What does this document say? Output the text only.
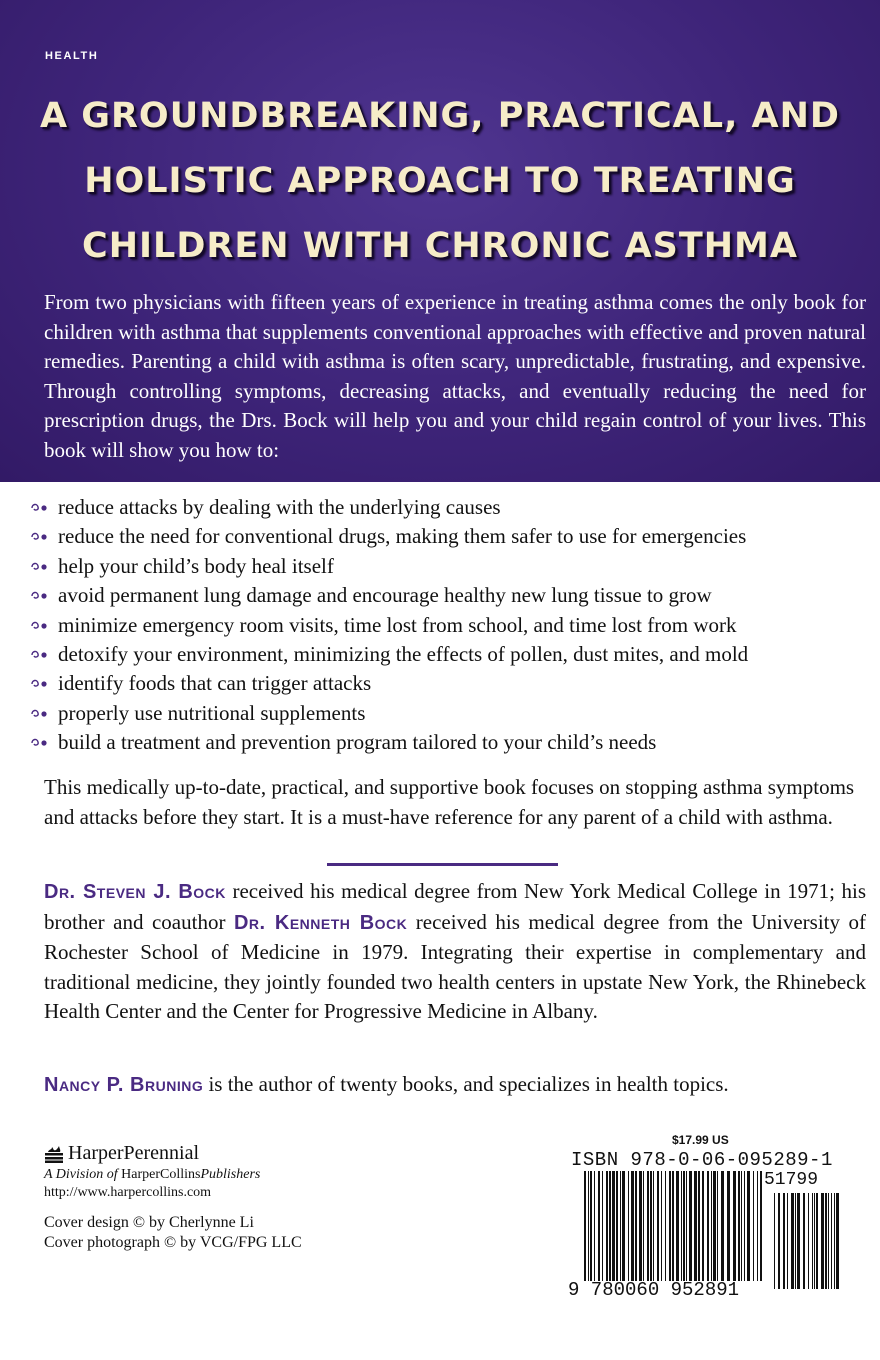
HEALTH
A GROUNDBREAKING, PRACTICAL, AND
HOLISTIC APPROACH TO TREATING
CHILDREN WITH CHRONIC ASTHMA

From two physicians with fifteen years of experience in treating asthma comes the only book for children with asthma that supplements conventional approaches with effective and proven natural remedies. Parenting a child with asthma is often scary, unpredictable, frustrating, and expensive. Through controlling symptoms, decreasing attacks, and eventually reducing the need for prescription drugs, the Drs. Bock will help you and your child regain control of your lives. This book will show you how to:

reduce attacks by dealing with the underlying causes
reduce the need for conventional drugs, making them safer to use for emergencies
help your child’s body heal itself
avoid permanent lung damage and encourage healthy new lung tissue to grow
minimize emergency room visits, time lost from school, and time lost from work
detoxify your environment, minimizing the effects of pollen, dust mites, and mold
identify foods that can trigger attacks
properly use nutritional supplements
build a treatment and prevention program tailored to your child’s needs

This medically up-to-date, practical, and supportive book focuses on stopping asthma symptoms and attacks before they start. It is a must-have reference for any parent of a child with asthma.

Dr. Steven J. Bock received his medical degree from New York Medical College in 1971; his brother and coauthor Dr. Kenneth Bock received his medical degree from the University of Rochester School of Medicine in 1979. Integrating their expertise in complementary and traditional medicine, they jointly founded two health centers in upstate New York, the Rhinebeck Health Center and the Center for Progressive Medicine in Albany.

Nancy P. Bruning is the author of twenty books, and specializes in health topics.

HarperPerennial
A Division of HarperCollinsPublishers
http://www.harpercollins.com
Cover design © by Cherlynne Li
Cover photograph © by VCG/FPG LLC
$17.99 US
ISBN 978-0-06-095289-1
51799
9 780060 952891
